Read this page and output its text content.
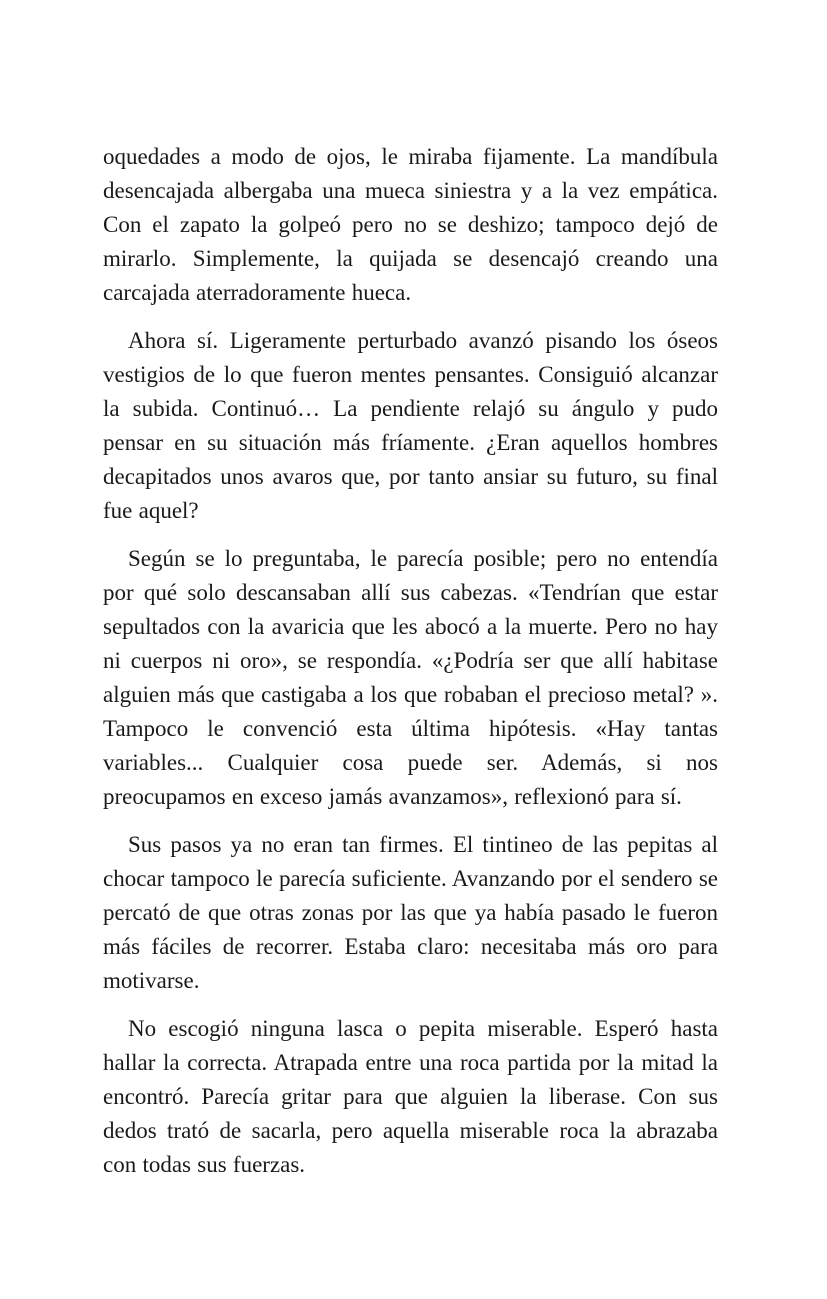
oquedades a modo de ojos, le miraba fijamente. La mandíbula desencajada albergaba una mueca siniestra y a la vez empática. Con el zapato la golpeó pero no se deshizo; tampoco dejó de mirarlo. Simplemente, la quijada se desencajó creando una carcajada aterradoramente hueca.

Ahora sí. Ligeramente perturbado avanzó pisando los óseos vestigios de lo que fueron mentes pensantes. Consiguió alcanzar la subida. Continuó… La pendiente relajó su ángulo y pudo pensar en su situación más fríamente. ¿Eran aquellos hombres decapitados unos avaros que, por tanto ansiar su futuro, su final fue aquel?

Según se lo preguntaba, le parecía posible; pero no entendía por qué solo descansaban allí sus cabezas. «Tendrían que estar sepultados con la avaricia que les abocó a la muerte. Pero no hay ni cuerpos ni oro», se respondía. «¿Podría ser que allí habitase alguien más que castigaba a los que robaban el precioso metal? ». Tampoco le convenció esta última hipótesis. «Hay tantas variables... Cualquier cosa puede ser. Además, si nos preocupamos en exceso jamás avanzamos», reflexionó para sí.

Sus pasos ya no eran tan firmes. El tintineo de las pepitas al chocar tampoco le parecía suficiente. Avanzando por el sendero se percató de que otras zonas por las que ya había pasado le fueron más fáciles de recorrer. Estaba claro: necesitaba más oro para motivarse.

No escogió ninguna lasca o pepita miserable. Esperó hasta hallar la correcta. Atrapada entre una roca partida por la mitad la encontró. Parecía gritar para que alguien la liberase. Con sus dedos trató de sacarla, pero aquella miserable roca la abrazaba con todas sus fuerzas.
